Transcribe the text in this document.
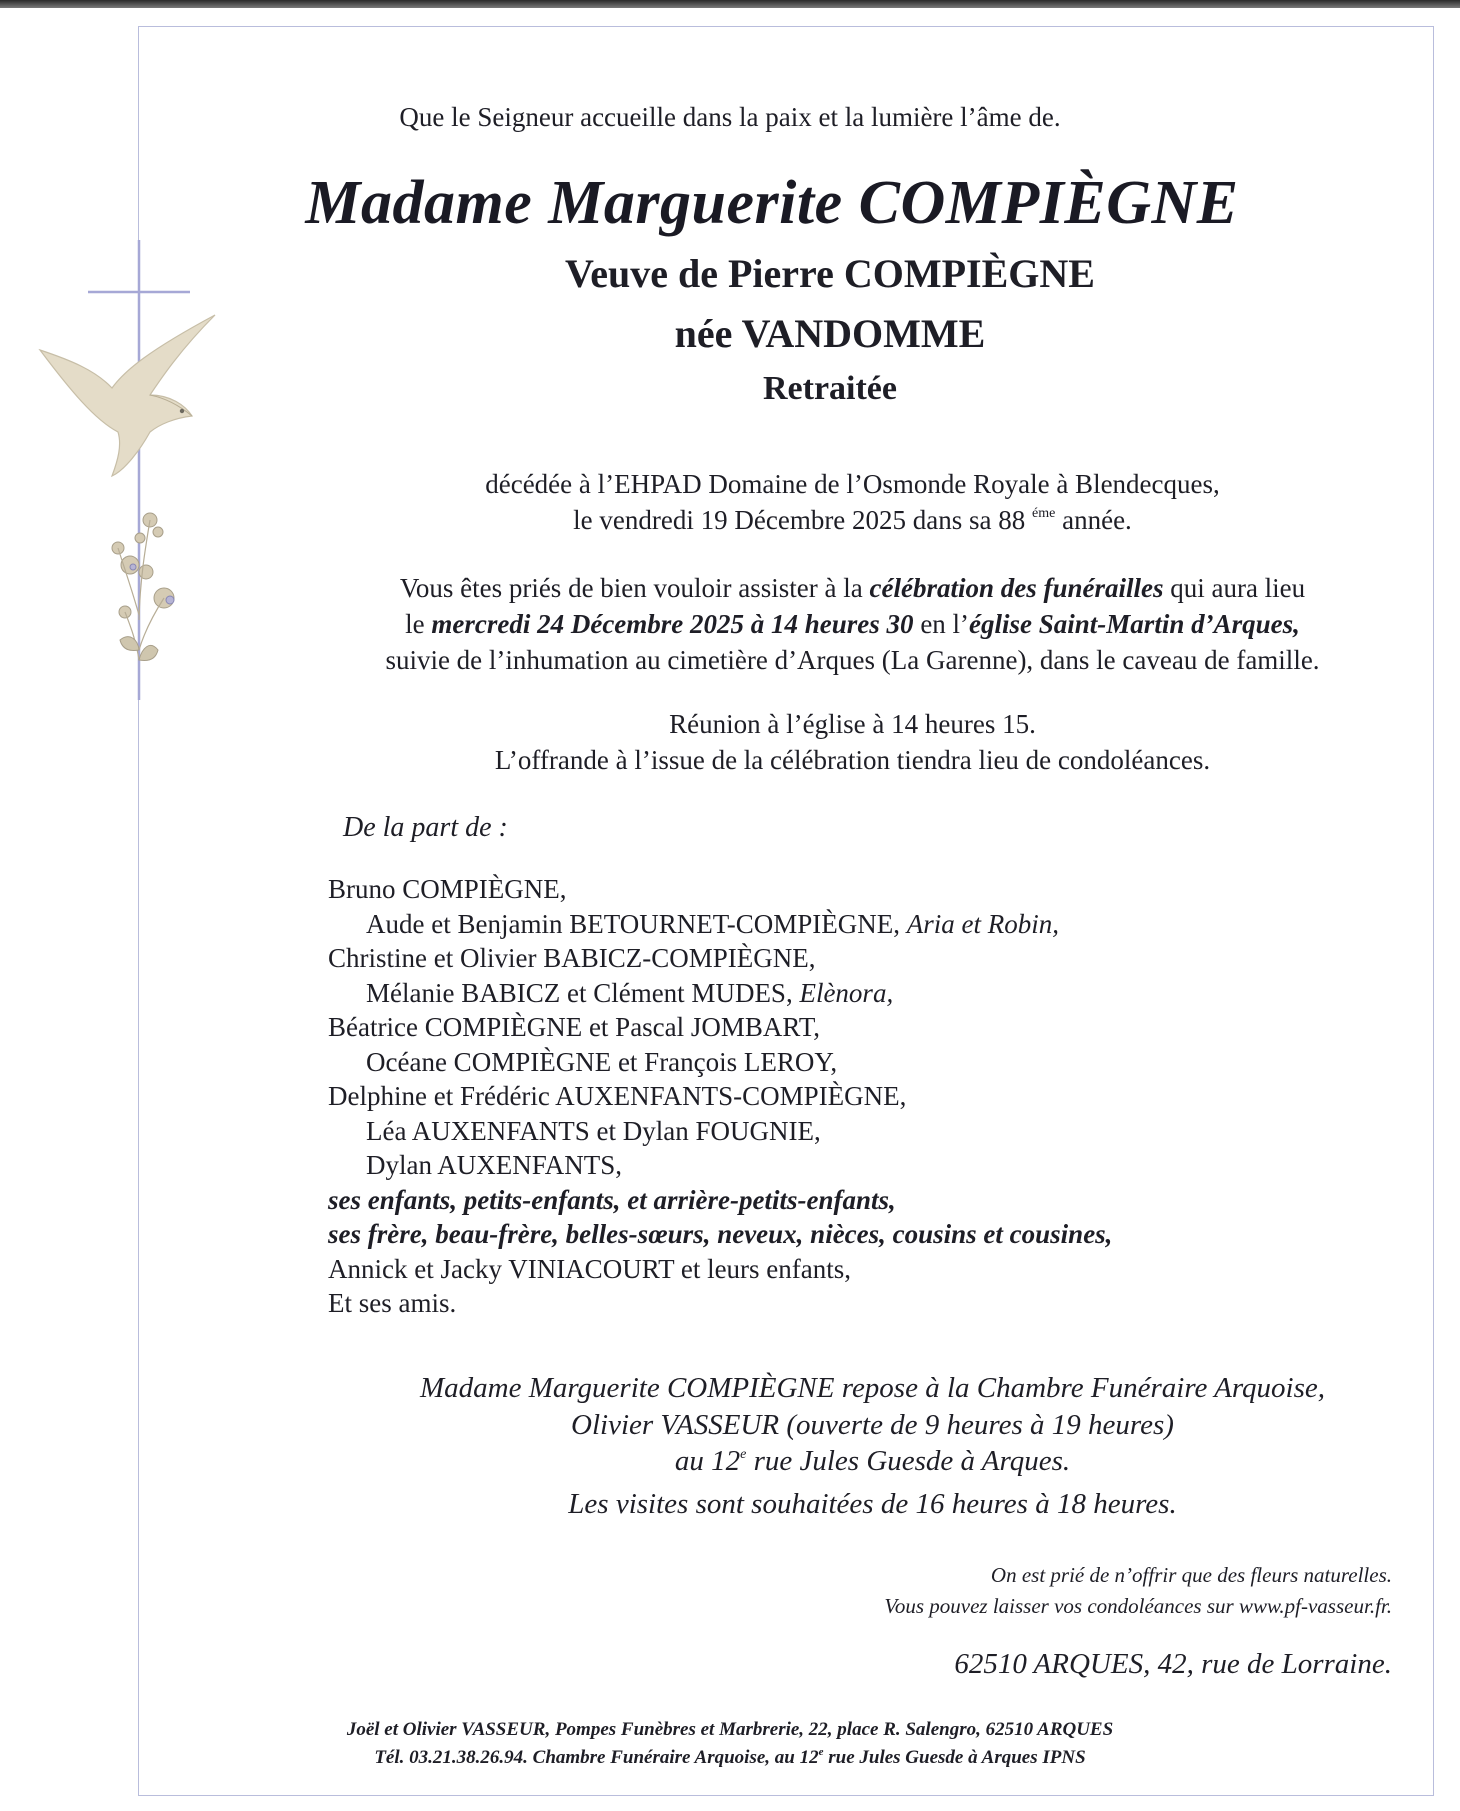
Que le Seigneur accueille dans la paix et la lumière l’âme de.
Madame Marguerite COMPIÈGNE
Veuve de Pierre COMPIÈGNE
née VANDOMME
Retraitée
décédée à l’EHPAD Domaine de l’Osmonde Royale à Blendecques,
le vendredi 19 Décembre 2025 dans sa 88 $^{éme}$ année.
Vous êtes priés de bien vouloir assister à la célébration des funérailles qui aura lieu
le mercredi 24 Décembre 2025 à 14 heures 30 en l’église Saint-Martin d’Arques,
suivie de l’inhumation au cimetière d’Arques (La Garenne), dans le caveau de famille.
Réunion à l’église à 14 heures 15.
L’offrande à l’issue de la célébration tiendra lieu de condoléances.
De la part de :
Bruno COMPIÈGNE,
Aude et Benjamin BETOURNET-COMPIÈGNE, Aria et Robin,
Christine et Olivier BABICZ-COMPIÈGNE,
Mélanie BABICZ et Clément MUDES, Elènora,
Béatrice COMPIÈGNE et Pascal JOMBART,
Océane COMPIÈGNE et François LEROY,
Delphine et Frédéric AUXENFANTS-COMPIÈGNE,
Léa AUXENFANTS et Dylan FOUGNIE,
Dylan AUXENFANTS,
ses enfants, petits-enfants, et arrière-petits-enfants,
ses frère, beau-frère, belles-sœurs, neveux, nièces, cousins et cousines,
Annick et Jacky VINIACOURT et leurs enfants,
Et ses amis.
Madame Marguerite COMPIÈGNE repose à la Chambre Funéraire Arquoise,
Olivier VASSEUR (ouverte de 9 heures à 19 heures)
au 12e rue Jules Guesde à Arques.
Les visites sont souhaitées de 16 heures à 18 heures.
On est prié de n’offrir que des fleurs naturelles.
Vous pouvez laisser vos condoléances sur www.pf-vasseur.fr.
62510 ARQUES, 42, rue de Lorraine.
Joël et Olivier VASSEUR, Pompes Funèbres et Marbrerie, 22, place R. Salengro, 62510 ARQUES
Tél. 03.21.38.26.94. Chambre Funéraire Arquoise, au 12e rue Jules Guesde à Arques IPNS
